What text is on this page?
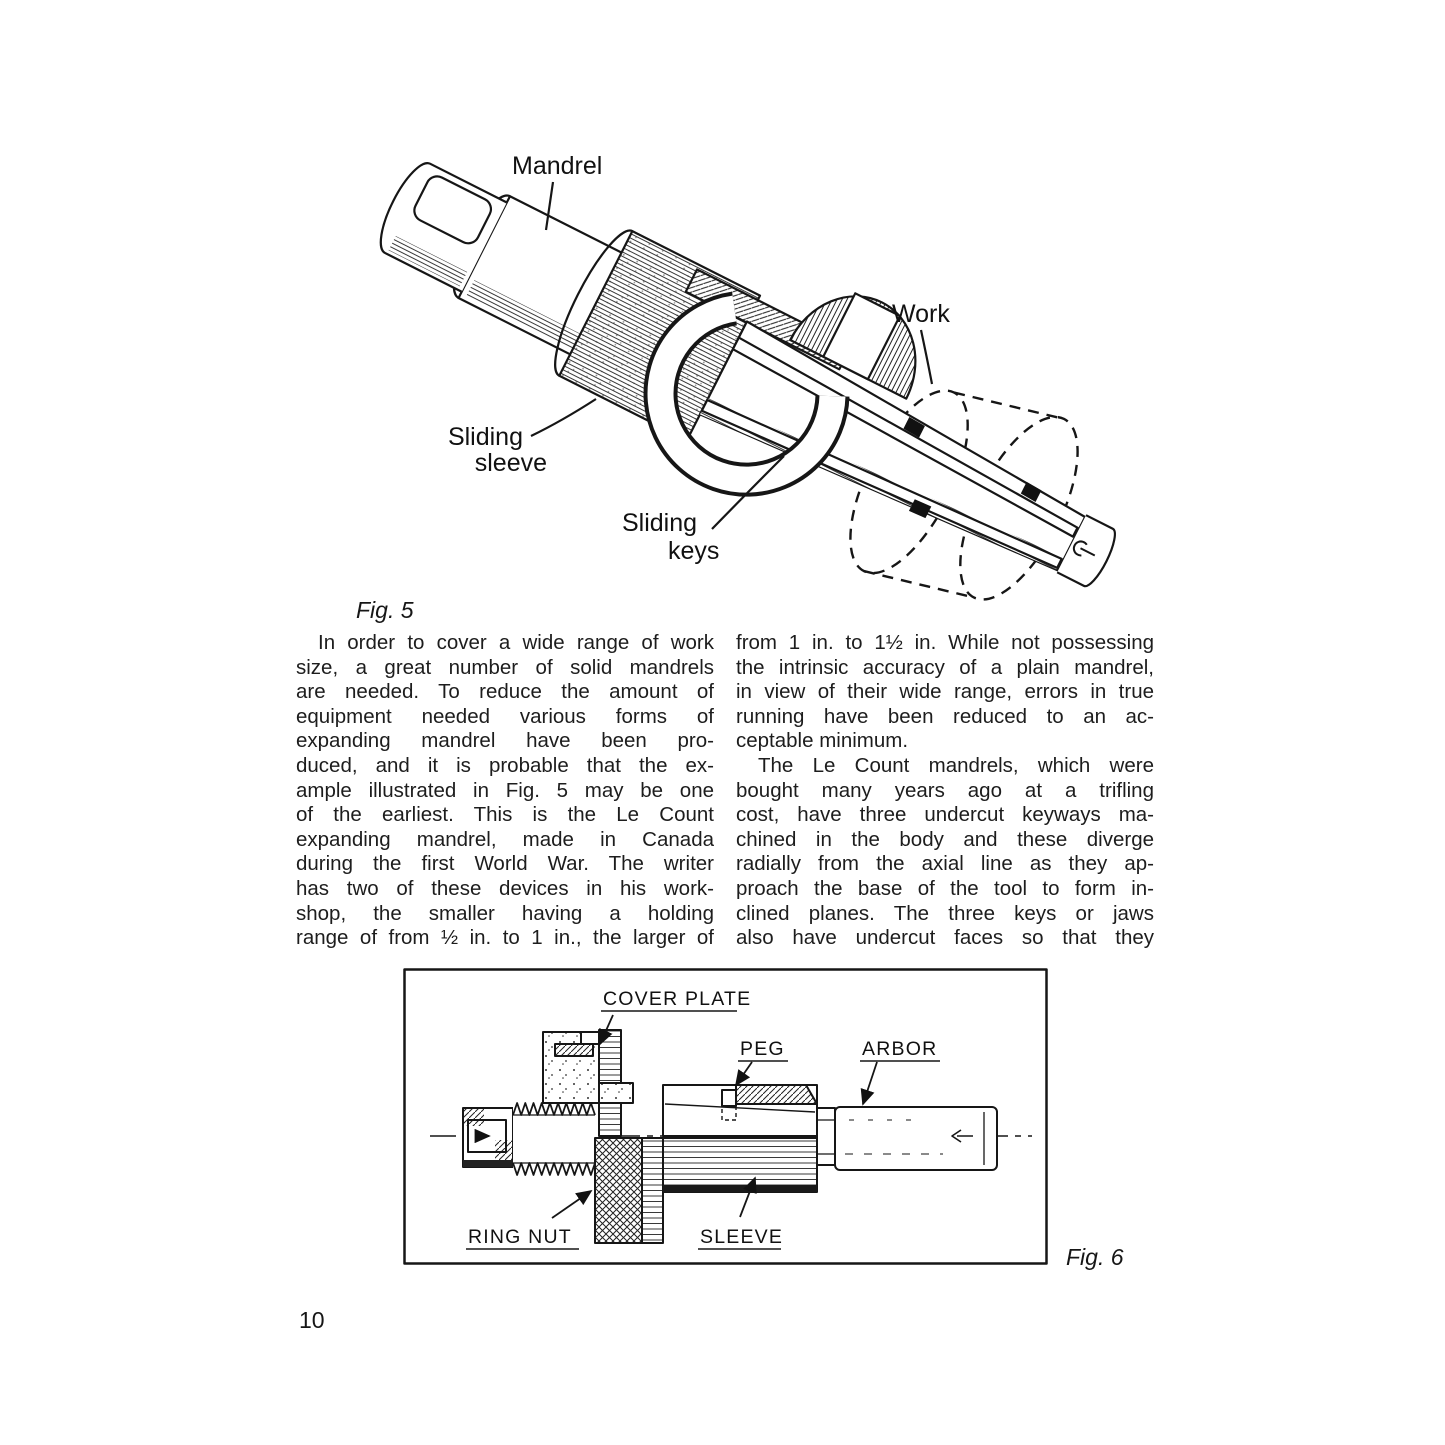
Mandrel
Work
Sliding
sleeve
Sliding
keys
Fig. 5
In order to cover a wide range of work
size, a great number of solid mandrels
are needed. To reduce the amount of
equipment needed various forms of
expanding mandrel have been pro-
duced, and it is probable that the ex-
ample illustrated in Fig. 5 may be one
of the earliest. This is the Le Count
expanding mandrel, made in Canada
during the first World War. The writer
has two of these devices in his work-
shop, the smaller having a holding
range of from ½ in. to 1 in., the larger of
from 1 in. to 1½ in. While not possessing
the intrinsic accuracy of a plain mandrel,
in view of their wide range, errors in true
running have been reduced to an ac-
ceptable minimum.
The Le Count mandrels, which were
bought many years ago at a trifling
cost, have three undercut keyways ma-
chined in the body and these diverge
radially from the axial line as they ap-
proach the base of the tool to form in-
clined planes. The three keys or jaws
also have undercut faces so that they
COVER PLATE
PEG	ARBOR
RING NUT	SLEEVE
Fig. 6
10
